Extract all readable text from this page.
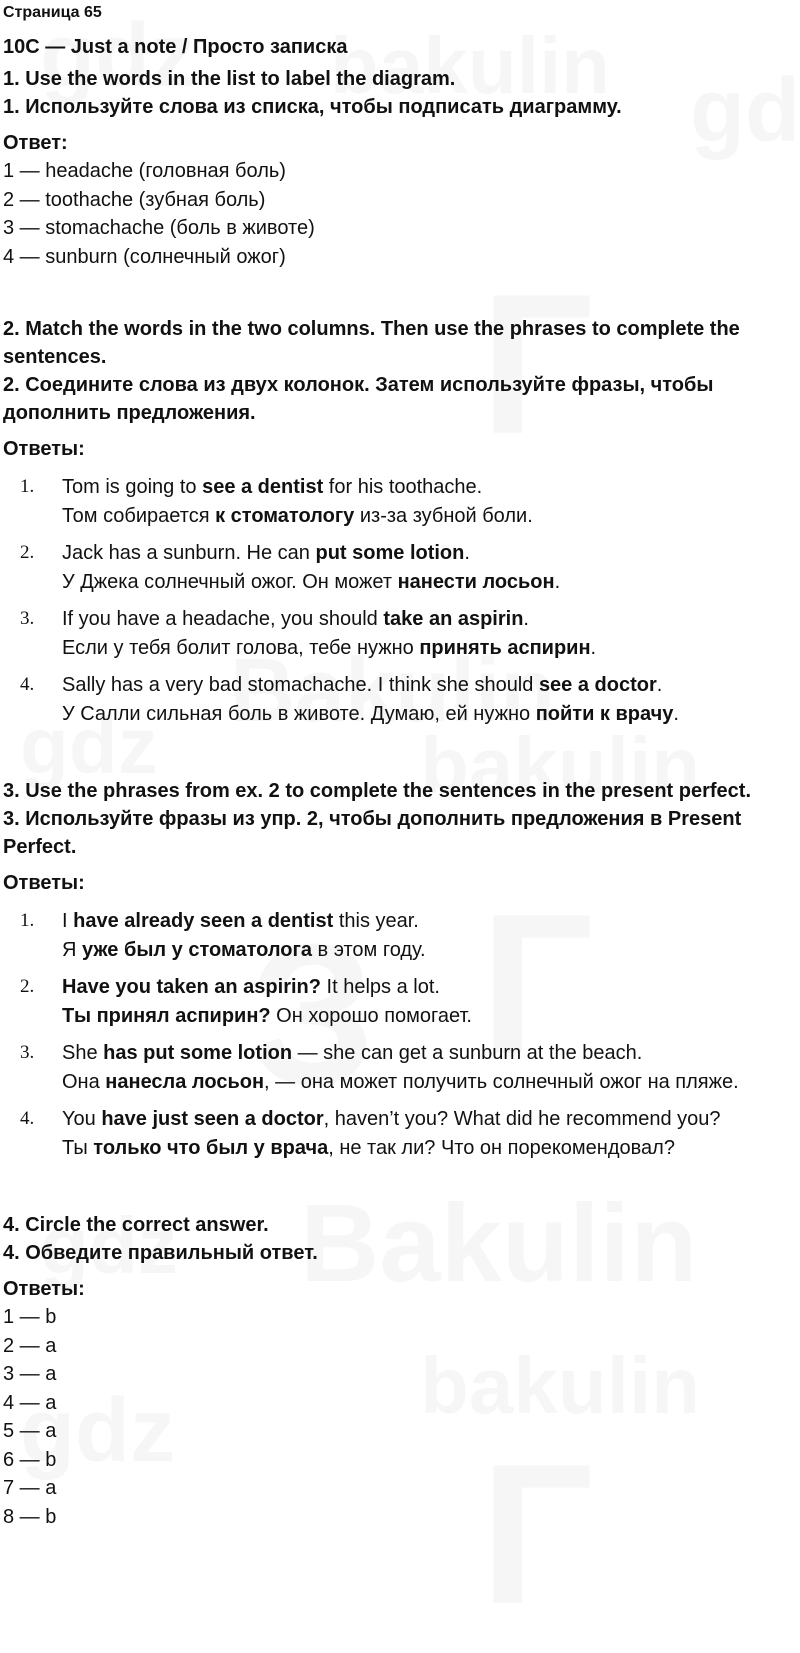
Страница 65

10C — Just a note / Просто записка

1. Use the words in the list to label the diagram.

1. Используйте слова из списка, чтобы подписать диаграмму.

Ответ:

1 — headache (головная боль)

2 — toothache (зубная боль)

3 — stomachache (боль в животе)

4 — sunburn (солнечный ожог)

2. Match the words in the two columns. Then use the phrases to complete the sentences.

2. Соедините слова из двух колонок. Затем используйте фразы, чтобы дополнить предложения.

Ответы:

1. Tom is going to see a dentist for his toothache.

Том собирается к стоматологу из-за зубной боли.

2. Jack has a sunburn. He can put some lotion.

У Джека солнечный ожог. Он может нанести лосьон.

3. If you have a headache, you should take an aspirin.

Если у тебя болит голова, тебе нужно принять аспирин.

4. Sally has a very bad stomachache. I think she should see a doctor.

У Салли сильная боль в животе. Думаю, ей нужно пойти к врачу.

3. Use the phrases from ex. 2 to complete the sentences in the present perfect.

3. Используйте фразы из упр. 2, чтобы дополнить предложения в Present Perfect.

Ответы:

1. I have already seen a dentist this year.

Я уже был у стоматолога в этом году.

2. Have you taken an aspirin? It helps a lot.

Ты принял аспирин? Он хорошо помогает.

3. She has put some lotion — she can get a sunburn at the beach.

Она нанесла лосьон, — она может получить солнечный ожог на пляже.

4. You have just seen a doctor, haven’t you? What did he recommend you?

Ты только что был у врача, не так ли? Что он порекомендовал?

4. Circle the correct answer.

4. Обведите правильный ответ.

Ответы:

1 — b

2 — a

3 — a

4 — a

5 — a

6 — b

7 — a

8 — b
